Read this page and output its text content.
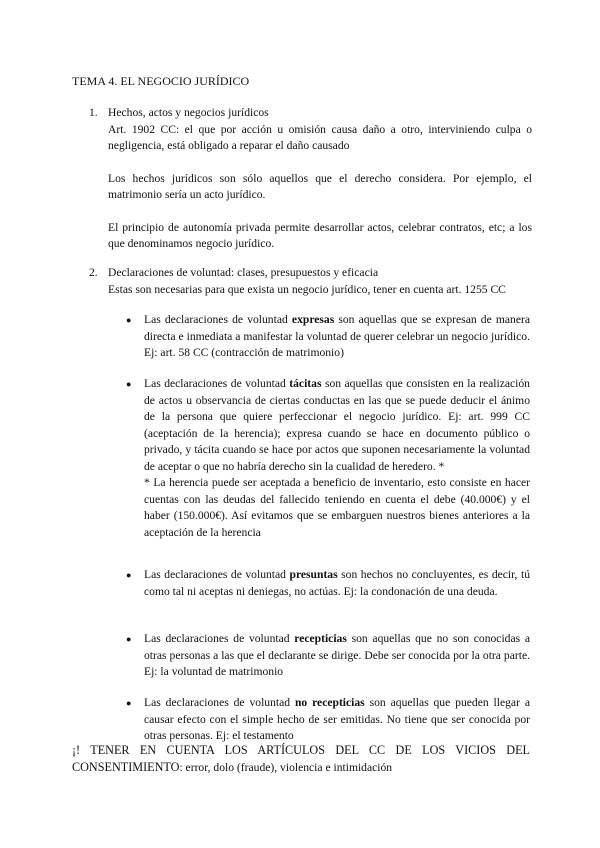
TEMA 4. EL NEGOCIO JURÍDICO
1. Hechos, actos y negocios jurídicos

Art. 1902 CC: el que por acción u omisión causa daño a otro, interviniendo culpa o negligencia, está obligado a reparar el daño causado

Los hechos jurídicos son sólo aquellos que el derecho considera. Por ejemplo, el matrimonio sería un acto jurídico.

El principio de autonomía privada permite desarrollar actos, celebrar contratos, etc; a los que denominamos negocio jurídico.

2. Declaraciones de voluntad: clases, presupuestos y eficacia

Estas son necesarias para que exista un negocio jurídico, tener en cuenta art. 1255 CC

● Las declaraciones de voluntad expresas son aquellas que se expresan de manera directa e inmediata a manifestar la voluntad de querer celebrar un negocio jurídico. Ej: art. 58 CC (contracción de matrimonio)
● Las declaraciones de voluntad tácitas son aquellas que consisten en la realización de actos u observancia de ciertas conductas en las que se puede deducir el ánimo de la persona que quiere perfeccionar el negocio jurídico. Ej: art. 999 CC (aceptación de la herencia); expresa cuando se hace en documento público o privado, y tácita cuando se hace por actos que suponen necesariamente la voluntad de aceptar o que no habría derecho sin la cualidad de heredero. *
* La herencia puede ser aceptada a beneficio de inventario, esto consiste en hacer cuentas con las deudas del fallecido teniendo en cuenta el debe (40.000€) y el haber (150.000€). Así evitamos que se embarguen nuestros bienes anteriores a la aceptación de la herencia
● Las declaraciones de voluntad presuntas son hechos no concluyentes, es decir, tú como tal ni aceptas ni deniegas, no actúas. Ej: la condonación de una deuda.
● Las declaraciones de voluntad recepticias son aquellas que no son conocidas a otras personas a las que el declarante se dirige. Debe ser conocida por la otra parte. Ej: la voluntad de matrimonio
● Las declaraciones de voluntad no recepticias son aquellas que pueden llegar a causar efecto con el simple hecho de ser emitidas. No tiene que ser conocida por otras personas. Ej: el testamento
¡! TENER EN CUENTA LOS ARTÍCULOS DEL CC DE LOS VICIOS DEL CONSENTIMIENTO: error, dolo (fraude), violencia e intimidación
